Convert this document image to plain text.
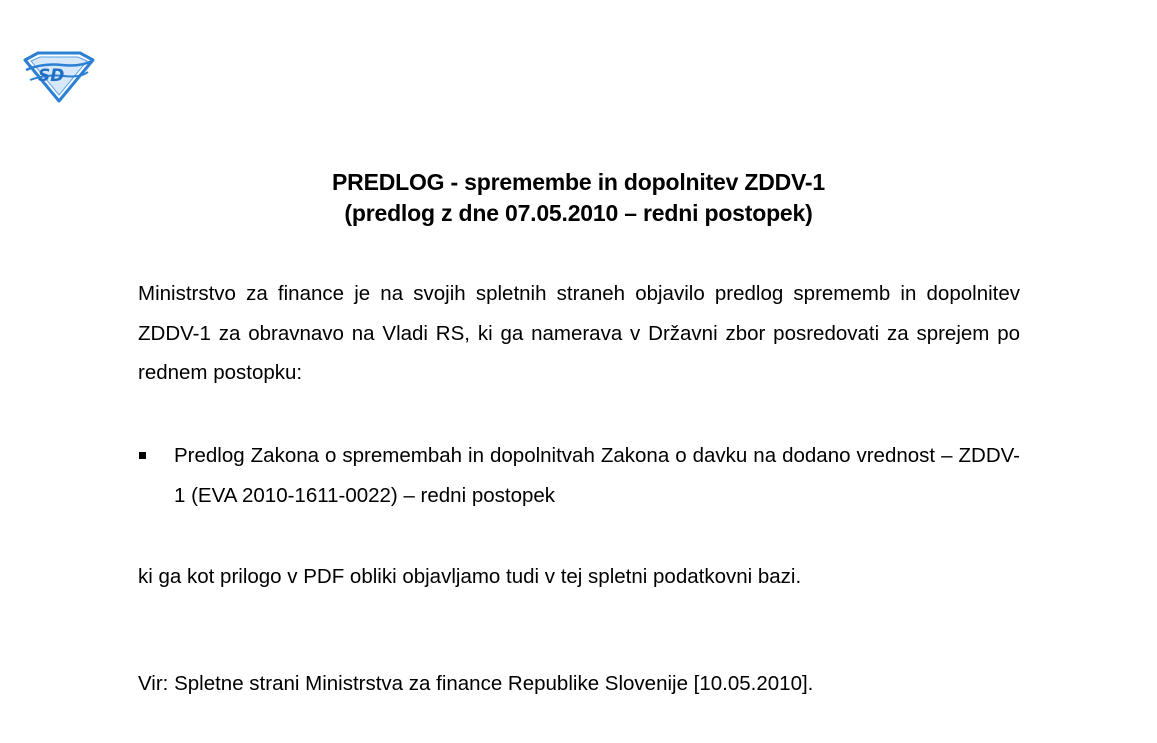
SD
PREDLOG - spremembe in dopolnitev ZDDV-1
(predlog z dne 07.05.2010 – redni postopek)
Ministrstvo za finance je na svojih spletnih straneh objavilo predlog sprememb in dopolnitev ZDDV-1 za obravnavo na Vladi RS, ki ga namerava v Državni zbor posredovati za sprejem po rednem postopku:
Predlog Zakona o spremembah in dopolnitvah Zakona o davku na dodano vrednost – ZDDV-1 (EVA 2010-1611-0022) – redni postopek
ki ga kot prilogo v PDF obliki objavljamo tudi v tej spletni podatkovni bazi.
Vir: Spletne strani Ministrstva za finance Republike Slovenije [10.05.2010].
